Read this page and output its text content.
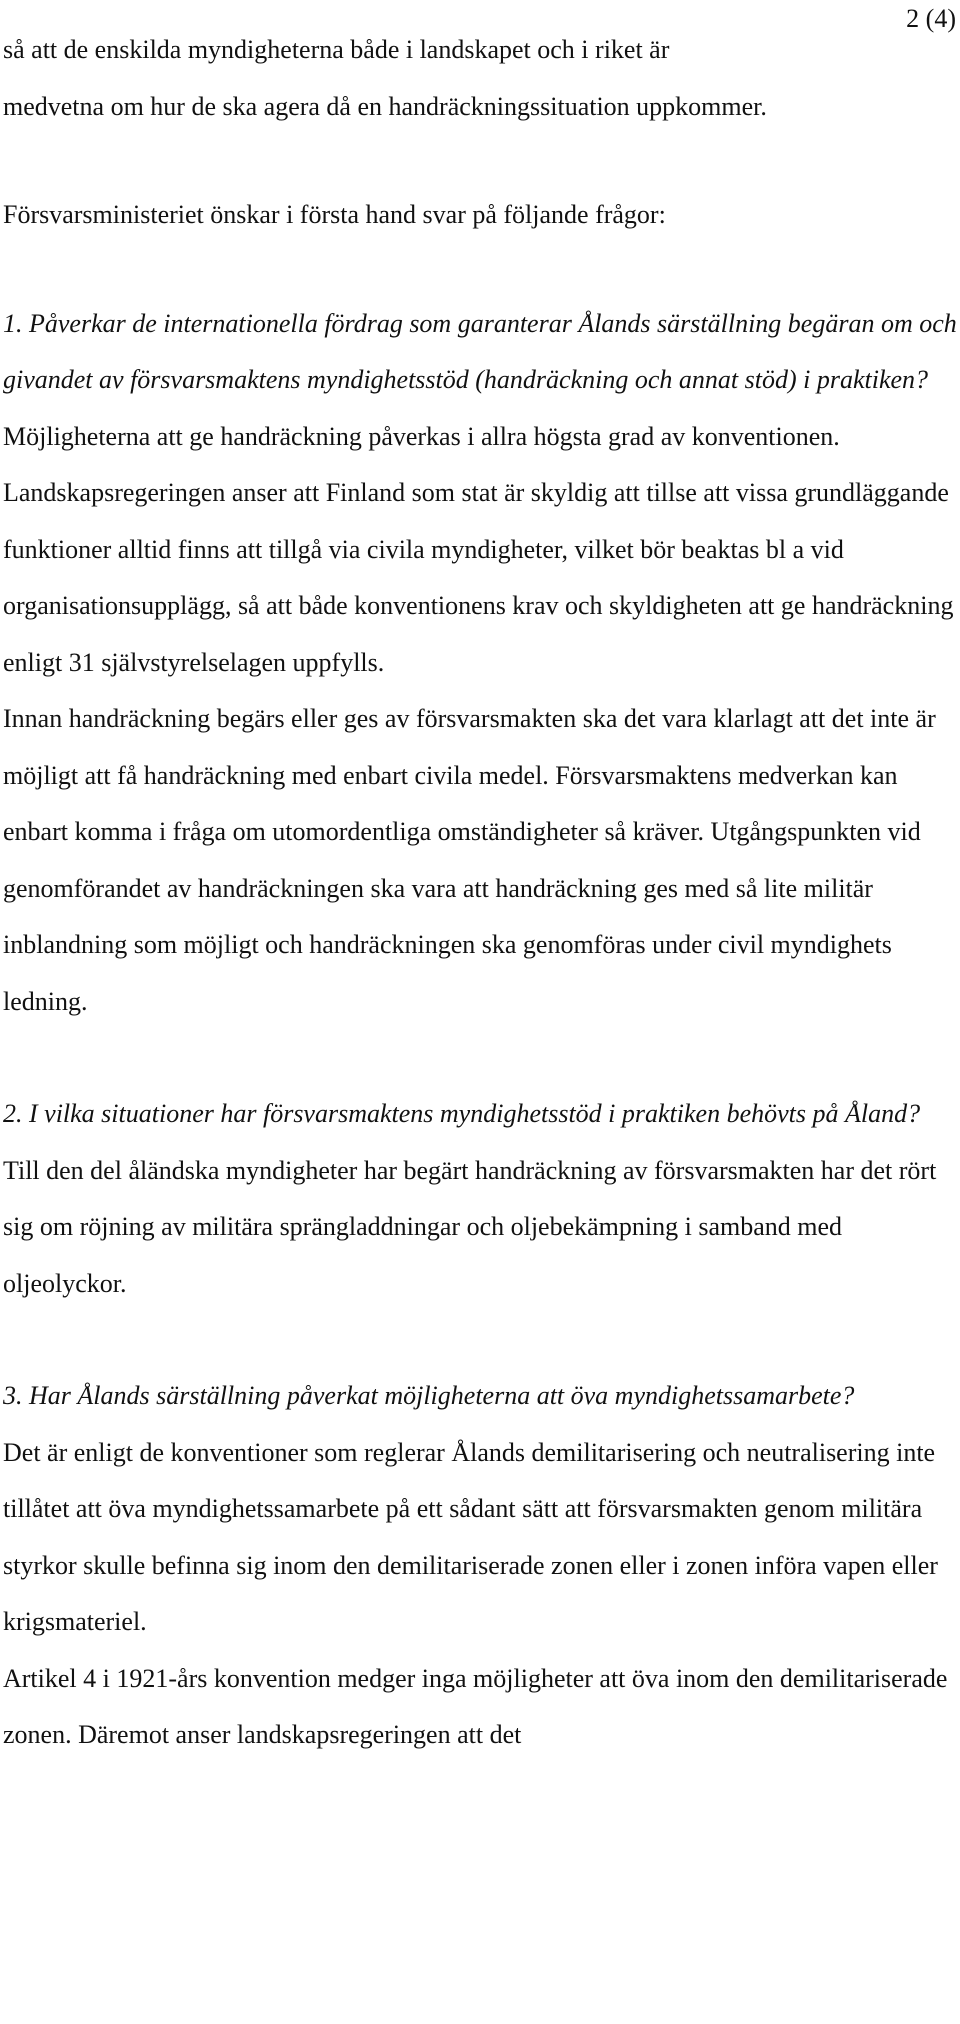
2 (4)

så att de enskilda myndigheterna både i landskapet och i riket är

medvetna om hur de ska agera då en handräckningssituation uppkommer.

Försvarsministeriet önskar i första hand svar på följande frågor:

1. Påverkar de internationella fördrag som garanterar Ålands särställning begäran om och givandet av försvarsmaktens myndighetsstöd (handräckning och annat stöd) i praktiken?

Möjligheterna att ge handräckning påverkas i allra högsta grad av konventionen. Landskapsregeringen anser att Finland som stat är skyldig att tillse att vissa grundläggande funktioner alltid finns att tillgå via civila myndigheter, vilket bör beaktas bl a vid organisationsupplägg, så att både konventionens krav och skyldigheten att ge handräckning enligt 31 självstyrelselagen uppfylls.

Innan handräckning begärs eller ges av försvarsmakten ska det vara klarlagt att det inte är möjligt att få handräckning med enbart civila medel. Försvarsmaktens medverkan kan enbart komma i fråga om utomordentliga omständigheter så kräver. Utgångspunkten vid genomförandet av handräckningen ska vara att handräckning ges med så lite militär inblandning som möjligt och handräckningen ska genomföras under civil myndighets ledning.

2. I vilka situationer har försvarsmaktens myndighetsstöd i praktiken behövts på Åland?

Till den del åländska myndigheter har begärt handräckning av försvarsmakten har det rört sig om röjning av militära sprängladdningar och oljebekämpning i samband med oljeolyckor.

3. Har Ålands särställning påverkat möjligheterna att öva myndighetssamarbete?

Det är enligt de konventioner som reglerar Ålands demilitarisering och neutralisering inte tillåtet att öva myndighetssamarbete på ett sådant sätt att försvarsmakten genom militära styrkor skulle befinna sig inom den demilitariserade zonen eller i zonen införa vapen eller krigsmateriel.

Artikel 4 i 1921-års konvention medger inga möjligheter att öva inom den demilitariserade zonen. Däremot anser landskapsregeringen att det
